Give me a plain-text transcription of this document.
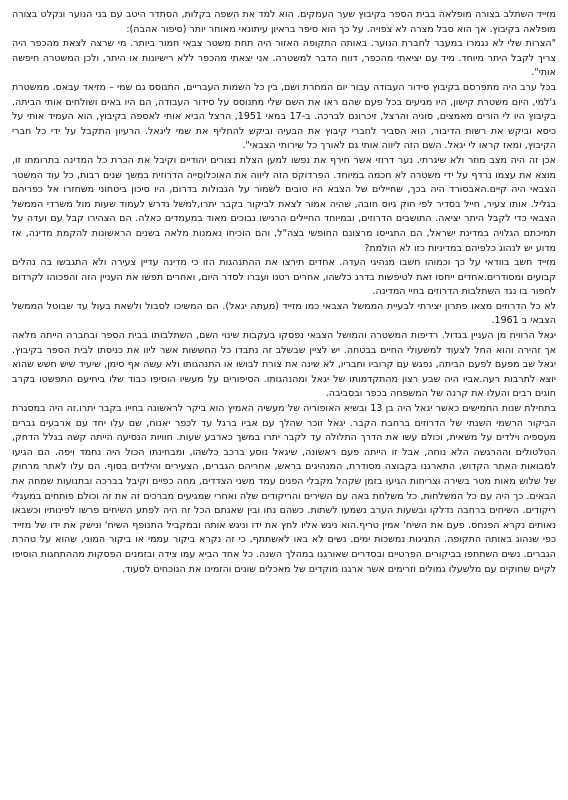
מזייד השתלב בצורה מופלאה בבית הספר בקיבוץ שער העמקים. הוא למד את השפה בקלות, הסתדר היטב עם בני הנוער ונקלט בצורה מופלאה בקיבוץ. אך הוא סבל מצרה לא צפויה. על כך הוא סיפר בראיון עיתונאי מאוחר יותר (סיפור אהבה):

"הצרות שלי לא נגמרו במעבר לחברת הנוער. באותה התקופה האזור היה תחת משטר צבאי חמור ביותר. מי שרצה לצאת מהכפר היה צריך לקבל היתר מיוחד. מיד עם יציאתי מהכפר, דווח הדבר למשטרה. אני יצאתי מהכפר ללא רישיונות או היתר, ולכן המשטרה חיפשה אותי".

בכל ערב היה מתפרסם בקיבוץ סידור העבודה עבור יום המחרת ושם, בין כל השמות העבריים, התנוסס גם שמי – מזיאד עבאס. ממשטרת ג'למי, היום משטרת קישון, היו מגיעים בכל פעם שהם ראו את השם שלי מתנוסס על סידור העבודה, הם היו באים ושולחים אותי הביתה. בקיבוץ היו לי הורים מאמצים, סוניה והרצל, זיכרונם לברכה. ב-17 במאי 1951, הרצל הביא אותי לאספה בקיבוץ, הוא העמיד אותי על כיסא וביקש את רשות הדיבור, הוא הסביר לחברי קיבוץ את הבעיה וביקש להחליף את שמי ליגאל. הרעיון התקבל על ידי כל חברי הקיבוץ, ומאז קראו לי יגאל. השם הזה ליווה אותי גם לאורך כל שירותי הצבאי".

אכן זה היה מצב מוזר ולא שיגרתי. נער דרוזי אשר חירף את נפשו למען הצלת נצורים יהודיים וקיבל את הכרת כל המדינה בתרומתו זו, מוצא את עצמו נרדף על ידי משטרה לא חכמה במיוחד. הפרדוקס הזה ליווה את האוכלוסייה הדרוזית במשך שנים רבות, כל עוד המשטר הצבאי היה קיים.האבסורד היה בכך, שחיילים של הצבא היו טובים לשמור על הגבולות בדרום, היו סיכון ביטחוני משחזרו אל כפריהם בגליל. אותו צעיר, חייל בסדיר לפי חוק גיוס חובה, שהיה אמור לצאת לביקור בקבר יתרו,למשל נדרש לעמוד שעות מול משרדי הממשל הצבאי כדי לקבל היתר יציאה. התושבים הדרוזים, ובמיוחד החיילים הרגישו נבוכים מאוד במעמדים כאלה. הם הצהירו קבל עם ועדה על תמיכתם הגלויה במדינת ישראל, הם התגייסו מרצונם החופשי בצה"ל, והם הוכיחו נאמנות מלאה בשנים הראשונות להקמת מדינה, אז מדוע יש לנהוג כלפיהם במדיניות כזו לא הולמת?

מזייד חשב בוודאי על כך וכמוהו חשבו מנהיגי העדה. אחדים תירצו את ההתנהגות הזו כי מדינה עדיין צעירה ולא התגבשו בה נהלים קבועים ומסודרים.אחדים ייחסו זאת לטיפשות בדרג כלשהו, אחרים רטנו ועברו לסדר היום, ואחרים תפשו את העניין הזה והפכוהו לקרדום לחפור בו נגד השתלבות הדרוזים בחיי המדינה.

לא כל הדרוזים מצאו פתרון יצירתי לבעיית הממשל הצבאי כמו מזייד (מעתה יגאל). הם המשיכו לסבול ולשאת בעול עד שבוטל הממשל הצבאי ב 1961.

יגאל הרוויח מן העניין בגדול. רדיפות המשטרה והמושל הצבאי נפסקו בעקבות שינוי השם, השתלבותו בבית הספר ובחברה הייתה מלאה אך זהירה והוא החל לצעוד למשעולי החיים בבטחה. יש לציין שבשלב זה נתבדו כל החששות אשר ליוו את כניסתו לבית הספר בקיבוץ. יגאל שב מפעם לפעם הביתה, נפגש עם קרוביו וחבריו, לא שינה את צורת לבושו או התנהגותו ולא עשה אף סימן, שיעיד שיש חשש שהוא יוצא לתרבות רעה.אביו היה שבע רצון מהתקדמותו של יגאל ומהנהגותו. הסיפורים על מעשיו הוסיפו כבוד שלו ביחיעם התפשטו בקרב חוגים רבים והעלו את קרנה של המשפחה בכפר ובסביבה.

בתחילת שנות החמישים כאשר יגאל היה בן 13 ובשיא האופוריה של מעשיה האמיץ הוא ביקר לראשונה בחייו בקבר יתרו.זה היה במסגרת הביקור הרשמי השנתי של הדרוזים ברחבת הקבר. יגאל זוכר שהלך עם אביו ברגל עד לכפר יאנוח, שם עלו יחד עם ארבעים גברים מעספיה וילדים על משאית, וכולם עשו את הדרך התלולה עד לקבר יתרו במשך כארבע שעות. חוויות הנסיעה הייתה קשה בגלל הדחק, הטלטולים וההרגשה הלא נוחה, אבל זו הייתה פעם ראשונה, שיגאל נוסע ברכב כלשהו, ומבחינתו הכול היה נחמד ויפה. הם הגיעו למבואות האתר הקדוש, התארגנו בקבוצה מסודרת, המנהיגים בראש, אחריהם הגברים, הצעירים והילדים בסוף. הם עלו לאתר מרחוק של שלוש מאות מטר בשירה וצריחות הגיעו בזמן שקהל מקבלי הפנים עמד משני הצדדים, מחה כפיים וקיבל בברכה ובתנועות שמחה את הבאים. כך היה עם כל המשלחות, כל משלחת באה עם השירים והריקודים שלה ואחרי שמגיעים מברכים זה את זה וכולם פותחים במעגלי ריקודים. השיחים ברחבה נדלקו ובשעות הערב נשמעו לשתות. כשהם נחו ובין שאגתם הכל זה היה לפתע השיחים פרשו לפינותיו וכשבאו נאותים נקרא הפנחס. פעם את השיח' אמין טריף.הוא ניגש אליו לחץ את ידו וניגש אותה ובמקביל התנופף השיח' ונישק את ידו של מזייד כפי שנהוג באותה התקופה. התגיגות נמשכות ימים. נשים לא באו לאשתתף, כי זה נקרא ביקור עממי או ביקור המוני, שהוא על טהרת הגברים. נשים השתתפו בביקורים הפרטיים ובסדרים שאורגנו במהלך השנה. כל אחד הביא עמו צידה ובזמנים הפסקות מההתחגות הוסיפו לקיים שחוקים עם מלשעלו גמולים וזרימים אשר ארגנו מוקדים של מאכלים שונים והזמינו את הנוכחים לסעוד.
